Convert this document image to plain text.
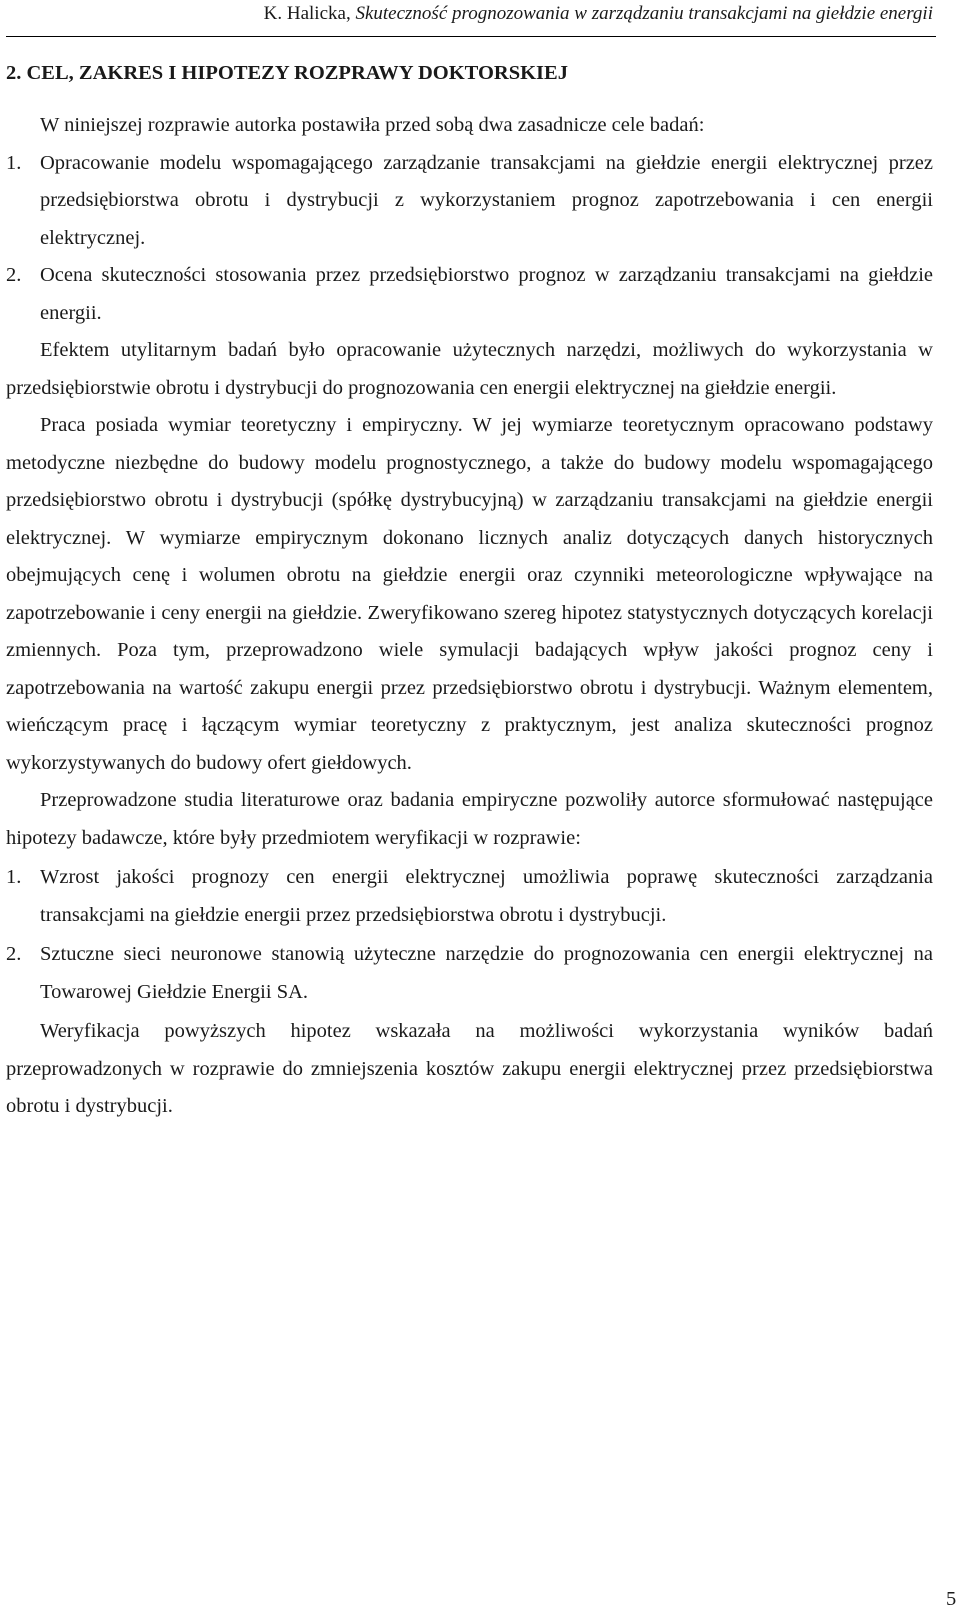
K. Halicka, Skuteczność prognozowania w zarządzaniu transakcjami na giełdzie energii
2. CEL, ZAKRES I HIPOTEZY ROZPRAWY DOKTORSKIEJ

W niniejszej rozprawie autorka postawiła przed sobą dwa zasadnicze cele badań:

1. Opracowanie modelu wspomagającego zarządzanie transakcjami na giełdzie energii elektrycznej przez przedsiębiorstwa obrotu i dystrybucji z wykorzystaniem prognoz zapotrzebowania i cen energii elektrycznej.
2. Ocena skuteczności stosowania przez przedsiębiorstwo prognoz w zarządzaniu transakcjami na giełdzie energii.

Efektem utylitarnym badań było opracowanie użytecznych narzędzi, możliwych do wykorzystania w przedsiębiorstwie obrotu i dystrybucji do prognozowania cen energii elektrycznej na giełdzie energii.

Praca posiada wymiar teoretyczny i empiryczny. W jej wymiarze teoretycznym opracowano podstawy metodyczne niezbędne do budowy modelu prognostycznego, a także do budowy modelu wspomagającego przedsiębiorstwo obrotu i dystrybucji (spółkę dystrybucyjną) w zarządzaniu transakcjami na giełdzie energii elektrycznej. W wymiarze empirycznym dokonano licznych analiz dotyczących danych historycznych obejmujących cenę i wolumen obrotu na giełdzie energii oraz czynniki meteorologiczne wpływające na zapotrzebowanie i ceny energii na giełdzie. Zweryfikowano szereg hipotez statystycznych dotyczących korelacji zmiennych. Poza tym, przeprowadzono wiele symulacji badających wpływ jakości prognoz ceny i zapotrzebowania na wartość zakupu energii przez przedsiębiorstwo obrotu i dystrybucji. Ważnym elementem, wieńczącym pracę i łączącym wymiar teoretyczny z praktycznym, jest analiza skuteczności prognoz wykorzystywanych do budowy ofert giełdowych.

Przeprowadzone studia literaturowe oraz badania empiryczne pozwoliły autorce sformułować następujące hipotezy badawcze, które były przedmiotem weryfikacji w rozprawie:

1. Wzrost jakości prognozy cen energii elektrycznej umożliwia poprawę skuteczności zarządzania transakcjami na giełdzie energii przez przedsiębiorstwa obrotu i dystrybucji.
2. Sztuczne sieci neuronowe stanowią użyteczne narzędzie do prognozowania cen energii elektrycznej na Towarowej Giełdzie Energii SA.

Weryfikacja powyższych hipotez wskazała na możliwości wykorzystania wyników badań przeprowadzonych w rozprawie do zmniejszenia kosztów zakupu energii elektrycznej przez przedsiębiorstwa obrotu i dystrybucji.

5
